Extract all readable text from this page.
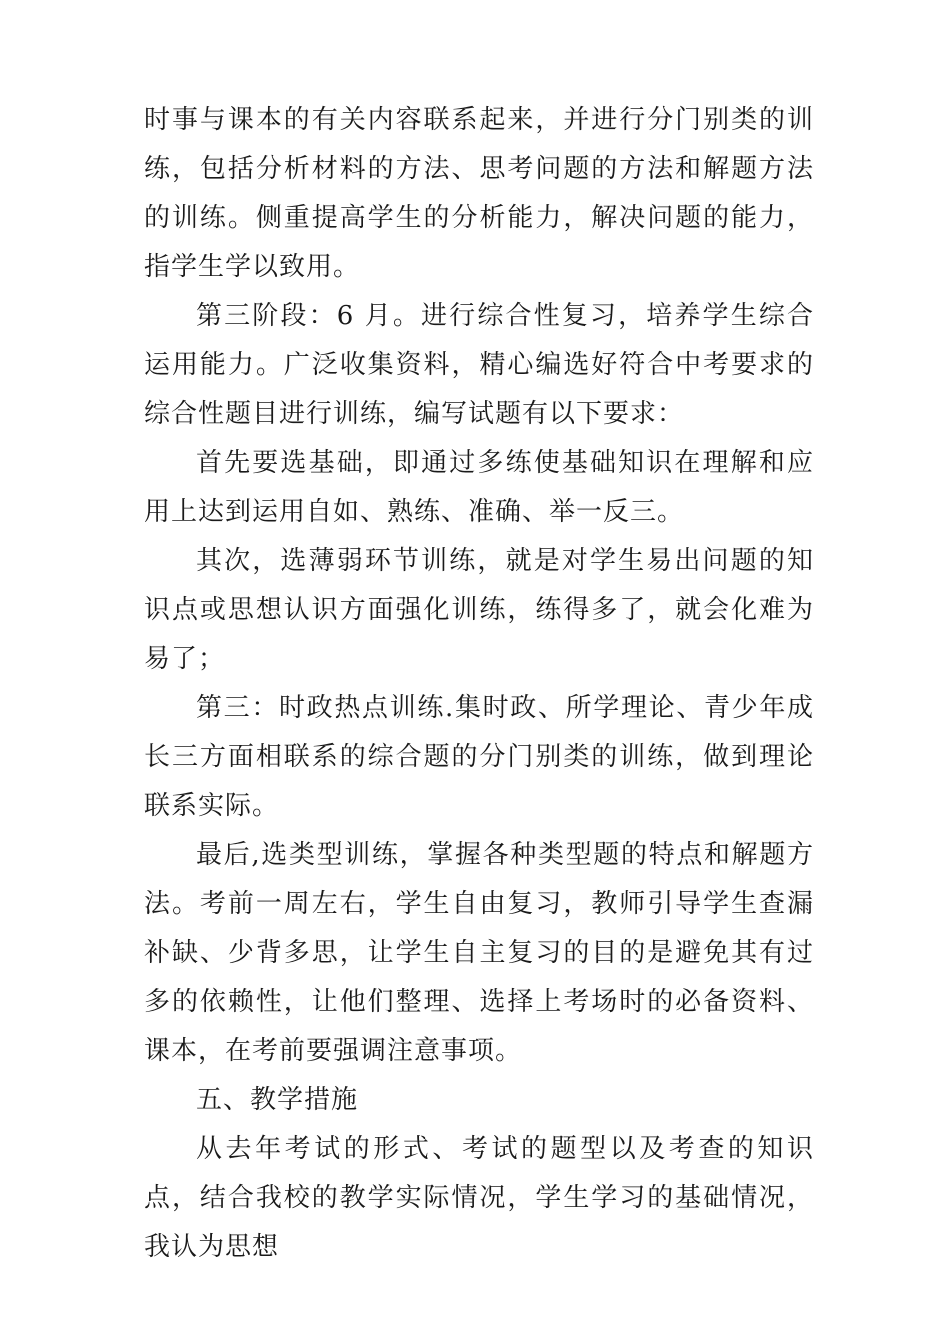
时事与课本的有关内容联系起来，并进行分门别类的训练，包括分析材料的方法、思考问题的方法和解题方法的训练。侧重提高学生的分析能力，解决问题的能力，指学生学以致用。

第三阶段：6 月。进行综合性复习，培养学生综合运用能力。广泛收集资料，精心编选好符合中考要求的综合性题目进行训练，编写试题有以下要求：

首先要选基础，即通过多练使基础知识在理解和应用上达到运用自如、熟练、准确、举一反三。

其次，选薄弱环节训练，就是对学生易出问题的知识点或思想认识方面强化训练，练得多了，就会化难为易了；

第三：时政热点训练.集时政、所学理论、青少年成长三方面相联系的综合题的分门别类的训练，做到理论联系实际。

最后,选类型训练，掌握各种类型题的特点和解题方法。考前一周左右，学生自由复习，教师引导学生查漏补缺、少背多思，让学生自主复习的目的是避免其有过多的依赖性，让他们整理、选择上考场时的必备资料、课本，在考前要强调注意事项。

五、教学措施

从去年考试的形式、考试的题型以及考查的知识点，结合我校的教学实际情况，学生学习的基础情况，我认为思想
